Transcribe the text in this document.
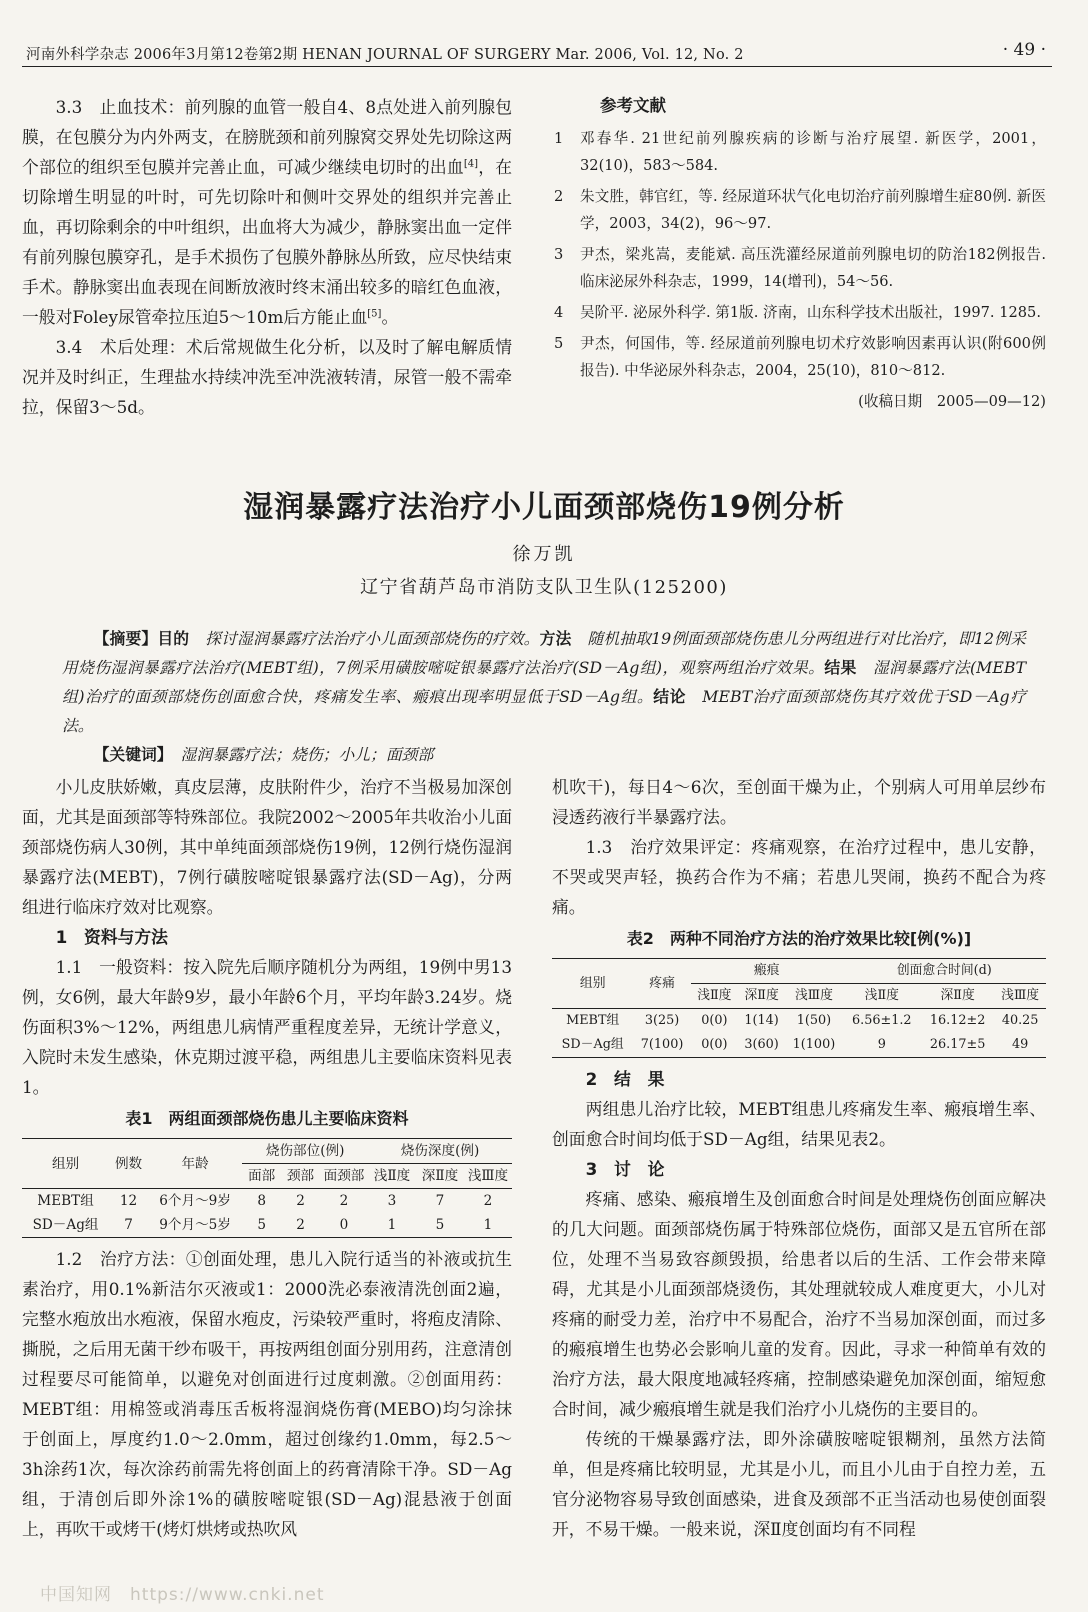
河南外科学杂志 2006年3月第12卷第2期 HENAN JOURNAL OF SURGERY Mar. 2006, Vol. 12, No. 2	· 49 ·

3.3　止血技术：前列腺的血管一般自4、8点处进入前列腺包膜，在包膜分为内外两支，在膀胱颈和前列腺窝交界处先切除这两个部位的组织至包膜并完善止血，可减少继续电切时的出血[4]，在切除增生明显的叶时，可先切除叶和侧叶交界处的组织并完善止血，再切除剩余的中叶组织，出血将大为减少，静脉窦出血一定伴有前列腺包膜穿孔，是手术损伤了包膜外静脉丛所致，应尽快结束手术。静脉窦出血表现在间断放液时终末涌出较多的暗红色血液，一般对Foley尿管牵拉压迫5～10m后方能止血[5]。

3.4　术后处理：术后常规做生化分析，以及时了解电解质情况并及时纠正，生理盐水持续冲洗至冲洗液转清，尿管一般不需牵拉，保留3～5d。

参考文献
1 邓春华. 21世纪前列腺疾病的诊断与治疗展望. 新医学，2001，32(10)，583～584.
2 朱文胜，韩官红，等. 经尿道环状气化电切治疗前列腺增生症80例. 新医学，2003，34(2)，96～97.
3 尹杰，梁兆嵩，麦能斌. 高压洗灌经尿道前列腺电切的防治182例报告. 临床泌尿外科杂志，1999，14(增刊)，54～56.
4 吴阶平. 泌尿外科学. 第1版. 济南，山东科学技术出版社，1997. 1285.
5 尹杰，何国伟，等. 经尿道前列腺电切术疗效影响因素再认识(附600例报告). 中华泌尿外科杂志，2004，25(10)，810～812.
(收稿日期　2005—09—12)
湿润暴露疗法治疗小儿面颈部烧伤19例分析
徐万凯
辽宁省葫芦岛市消防支队卫生队(125200)

【摘要】目的　探讨湿润暴露疗法治疗小儿面颈部烧伤的疗效。方法　随机抽取19例面颈部烧伤患儿分两组进行对比治疗，即12例采用烧伤湿润暴露疗法治疗(MEBT组)，7例采用磺胺嘧啶银暴露疗法治疗(SD－Ag组)，观察两组治疗效果。结果　湿润暴露疗法(MEBT组)治疗的面颈部烧伤创面愈合快，疼痛发生率、瘢痕出现率明显低于SD－Ag组。结论　MEBT治疗面颈部烧伤其疗效优于SD－Ag疗法。

【关键词】　湿润暴露疗法；烧伤；小儿；面颈部

小儿皮肤娇嫩，真皮层薄，皮肤附件少，治疗不当极易加深创面，尤其是面颈部等特殊部位。我院2002～2005年共收治小儿面颈部烧伤病人30例，其中单纯面颈部烧伤19例，12例行烧伤湿润暴露疗法(MEBT)，7例行磺胺嘧啶银暴露疗法(SD－Ag)，分两组进行临床疗效对比观察。

1　资料与方法

1.1　一般资料：按入院先后顺序随机分为两组，19例中男13例，女6例，最大年龄9岁，最小年龄6个月，平均年龄3.24岁。烧伤面积3%～12%，两组患儿病情严重程度差异，无统计学意义，入院时未发生感染，休克期过渡平稳，两组患儿主要临床资料见表1。

表1　两组面颈部烧伤患儿主要临床资料
组别	例数	年龄	烧伤部位(例)			烧伤深度(例)		
			面部	颈部	面颈部	浅Ⅱ度	深Ⅱ度	浅Ⅲ度
MEBT组	12	6个月～9岁	8	2	2	3	7	2
SD－Ag组	7	9个月～5岁	5	2	0	1	5	1

1.2　治疗方法：①创面处理，患儿入院行适当的补液或抗生素治疗，用0.1%新洁尔灭液或1：2000洗必泰液清洗创面2遍，完整水疱放出水疱液，保留水疱皮，污染较严重时，将疱皮清除、撕脱，之后用无菌干纱布吸干，再按两组创面分别用药，注意清创过程要尽可能简单，以避免对创面进行过度刺激。②创面用药：MEBT组：用棉签或消毒压舌板将湿润烧伤膏(MEBO)均匀涂抹于创面上，厚度约1.0～2.0mm，超过创缘约1.0mm，每2.5～3h涂药1次，每次涂药前需先将创面上的药膏清除干净。SD－Ag组，于清创后即外涂1%的磺胺嘧啶银(SD－Ag)混悬液于创面上，再吹干或烤干(烤灯烘烤或热吹风

机吹干)，每日4～6次，至创面干燥为止，个别病人可用单层纱布浸透药液行半暴露疗法。

1.3　治疗效果评定：疼痛观察，在治疗过程中，患儿安静，不哭或哭声轻，换药合作为不痛；若患儿哭闹，换药不配合为疼痛。

表2　两种不同治疗方法的治疗效果比较[例(%)]
组别	疼痛	瘢痕			创面愈合时间(d)		
		浅Ⅱ度	深Ⅱ度	浅Ⅲ度	浅Ⅱ度	深Ⅱ度	浅Ⅲ度
MEBT组	3(25)	0(0)	1(14)	1(50)	6.56±1.2	16.12±2	40.25
SD－Ag组	7(100)	0(0)	3(60)	1(100)	9	26.17±5	49

2　结　果

两组患儿治疗比较，MEBT组患儿疼痛发生率、瘢痕增生率、创面愈合时间均低于SD－Ag组，结果见表2。

3　讨　论

疼痛、感染、瘢痕增生及创面愈合时间是处理烧伤创面应解决的几大问题。面颈部烧伤属于特殊部位烧伤，面部又是五官所在部位，处理不当易致容颜毁损，给患者以后的生活、工作会带来障碍，尤其是小儿面颈部烧烫伤，其处理就较成人难度更大，小儿对疼痛的耐受力差，治疗中不易配合，治疗不当易加深创面，而过多的瘢痕增生也势必会影响儿童的发育。因此，寻求一种简单有效的治疗方法，最大限度地减轻疼痛，控制感染避免加深创面，缩短愈合时间，减少瘢痕增生就是我们治疗小儿烧伤的主要目的。

传统的干燥暴露疗法，即外涂磺胺嘧啶银糊剂，虽然方法简单，但是疼痛比较明显，尤其是小儿，而且小儿由于自控力差，五官分泌物容易导致创面感染，进食及颈部不正当活动也易使创面裂开，不易干燥。一般来说，深Ⅱ度创面均有不同程

中国知网　https://www.cnki.net
